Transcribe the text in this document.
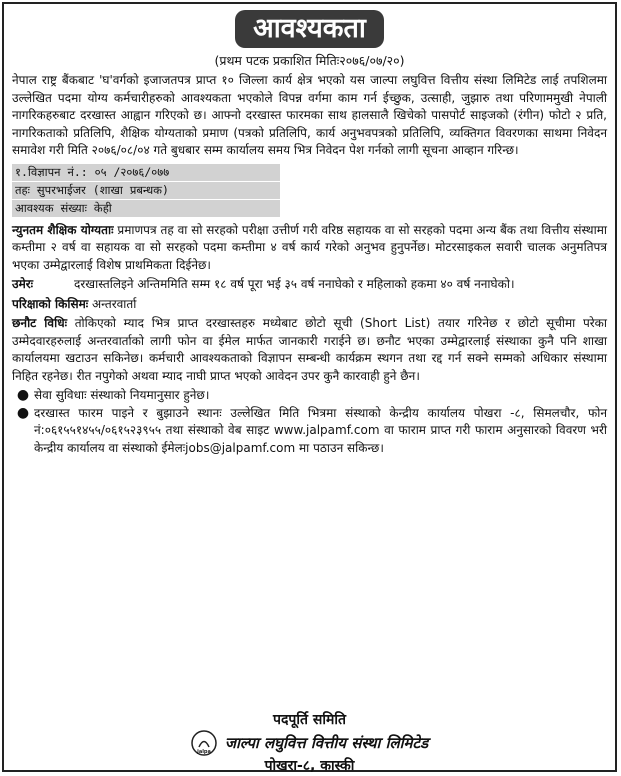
आवश्यकता
(प्रथम पटक प्रकाशित मितिः२०७६/०७/२०)

नेपाल राष्ट्र बैंकबाट 'घ'वर्गको इजाजतपत्र प्राप्त १० जिल्ला कार्य क्षेत्र भएको यस जाल्पा लघुवित्त वित्तीय संस्था लिमिटेड लाई तपशिलमा उल्लेखित पदमा योग्य कर्मचारीहरुको आवश्यकता भएकोले विपन्न वर्गमा काम गर्न ईच्छुक, उत्साही, जुझारु तथा परिणाममुखी नेपाली नागरिकहरुबाट दरखास्त आह्वान गरिएको छ। आफ्नो दरखास्त फारमका साथ हालसालै खिचेको पासपोर्ट साइजको (रंगीन) फोटो २ प्रति, नागरिकताको प्रतिलिपि, शैक्षिक योग्यताको प्रमाण (पत्रको प्रतिलिपि, कार्य अनुभवपत्रको प्रतिलिपि, व्यक्तिगत विवरणका साथमा निवेदन समावेश गरी मिति २०७६/०८/०४ गते बुधबार सम्म कार्यालय समय भित्र निवेदन पेश गर्नको लागी सूचना आव्हान गरिन्छ।

१.विज्ञापन नं.: ०५ /२०७६/०७७
तहः सुपरभाईजर (शाखा प्रबन्धक)
आवश्यक संख्याः केही

न्युनतम शैक्षिक योग्यताः प्रमाणपत्र तह वा सो सरहको परीक्षा उत्तीर्ण गरी वरिष्ठ सहायक वा सो सरहको पदमा अन्य बैंक तथा वित्तीय संस्थामा कम्तीमा २ वर्ष वा सहायक वा सो सरहको पदमा कम्तीमा ४ वर्ष कार्य गरेको अनुभव हुनुपर्नेछ। मोटरसाइकल सवारी चालक अनुमतिपत्र भएका उम्मेद्वारलाई विशेष प्राथमिकता दिईनेछ।

उमेरः	दरखास्तलिइने अन्तिममिति सम्म १८ वर्ष पूरा भई ३५ वर्ष ननाघेको र महिलाको हकमा ४० वर्ष ननाघेको।

परिक्षाको किसिमः अन्तरवार्ता

छनौट विधिः तोकिएको म्याद भित्र प्राप्त दरखास्तहरु मध्येबाट छोटो सूची (Short List) तयार गरिनेछ र छोटो सूचीमा परेका उम्मेदवारहरुलाई अन्तरवार्ताको लागी फोन वा ईमेल मार्फत जानकारी गराईने छ। छनौट भएका उम्मेद्वारलाई संस्थाका कुनै पनि शाखा कार्यालयमा खटाउन सकिनेछ। कर्मचारी आवश्यकताको विज्ञापन सम्बन्धी कार्यक्रम स्थगन तथा रद्द गर्न सक्ने सम्मको अधिकार संस्थामा निहित रहनेछ। रीत नपुगेको अथवा म्याद नाघी प्राप्त भएको आवेदन उपर कुनै कारवाही हुने छैन।

● सेवा सुविधाः संस्थाको नियमानुसार हुनेछ।
● दरखास्त फारम पाइने र बुझाउने स्थानः उल्लेखित मिति भित्रमा संस्थाको केन्द्रीय कार्यालय पोखरा -८, सिमलचौर, फोन नं:०६१५५१४५५/०६१५२३९५५ तथा संस्थाको वेब साइट www.jalpamf.com वा फाराम प्राप्त गरी फाराम अनुसारको विवरण भरी केन्द्रीय कार्यालय वा संस्थाको ईमेलःjobs@jalpamf.com मा पठाउन सकिन्छ।
पदपूर्ति समिति
jalpa जाल्पा लघुवित्त वित्तीय संस्था लिमिटेड
पोखरा-८, कास्की
